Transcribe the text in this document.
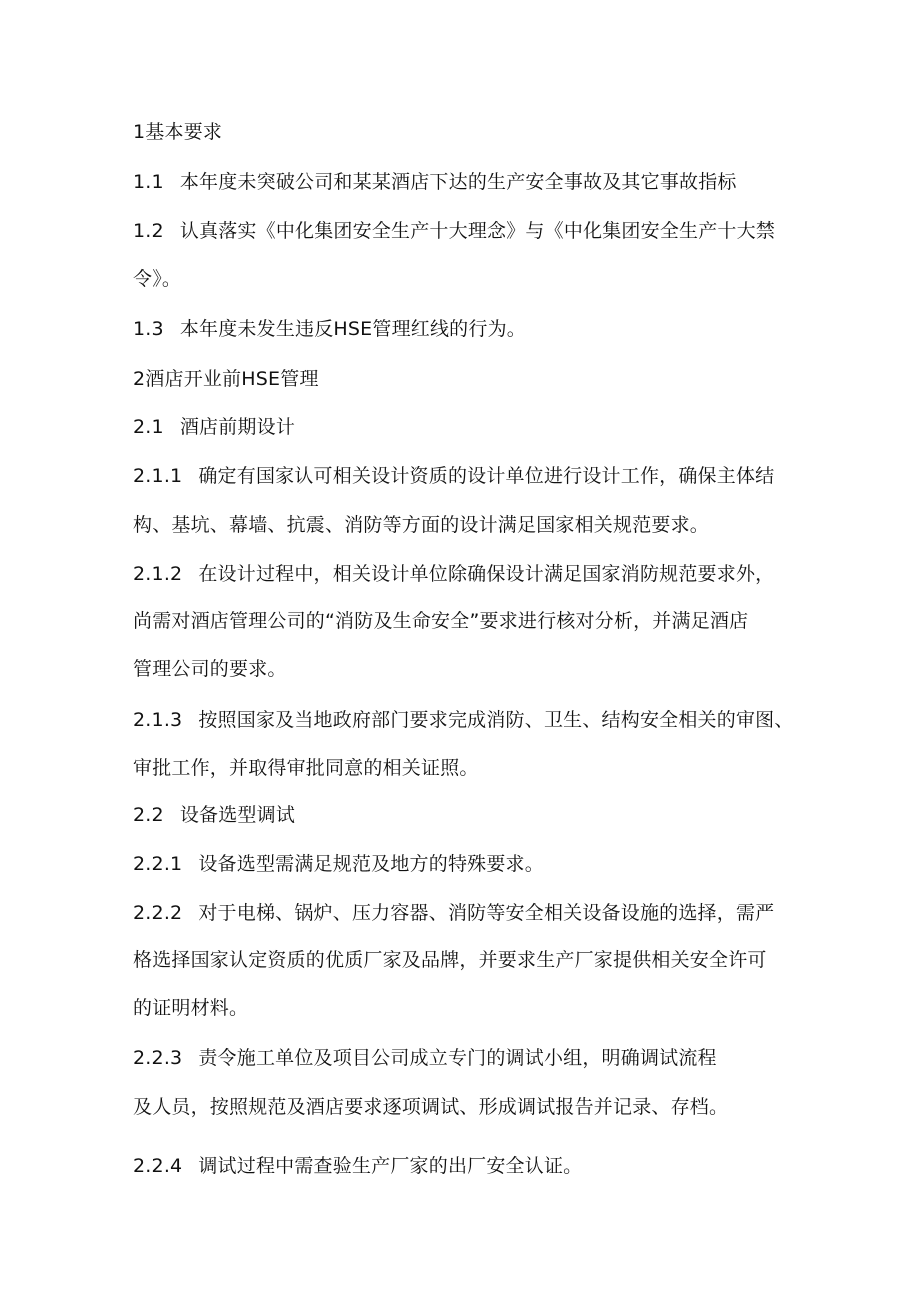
1基本要求
1.1 本年度未突破公司和某某酒店下达的生产安全事故及其它事故指标
1.2 认真落实《中化集团安全生产十大理念》与《中化集团安全生产十大禁
令》。
1.3 本年度未发生违反HSE管理红线的行为。
2酒店开业前HSE管理
2.1 酒店前期设计
2.1.1 确定有国家认可相关设计资质的设计单位进行设计工作，确保主体结
构、基坑、幕墙、抗震、消防等方面的设计满足国家相关规范要求。
2.1.2 在设计过程中，相关设计单位除确保设计满足国家消防规范要求外，
尚需对酒店管理公司的“消防及生命安全”要求进行核对分析，并满足酒店
管理公司的要求。
2.1.3 按照国家及当地政府部门要求完成消防、卫生、结构安全相关的审图、
审批工作，并取得审批同意的相关证照。
2.2 设备选型调试
2.2.1 设备选型需满足规范及地方的特殊要求。
2.2.2 对于电梯、锅炉、压力容器、消防等安全相关设备设施的选择，需严
格选择国家认定资质的优质厂家及品牌，并要求生产厂家提供相关安全许可
的证明材料。
2.2.3 责令施工单位及项目公司成立专门的调试小组，明确调试流程
及人员，按照规范及酒店要求逐项调试、形成调试报告并记录、存档。
2.2.4 调试过程中需查验生产厂家的出厂安全认证。
